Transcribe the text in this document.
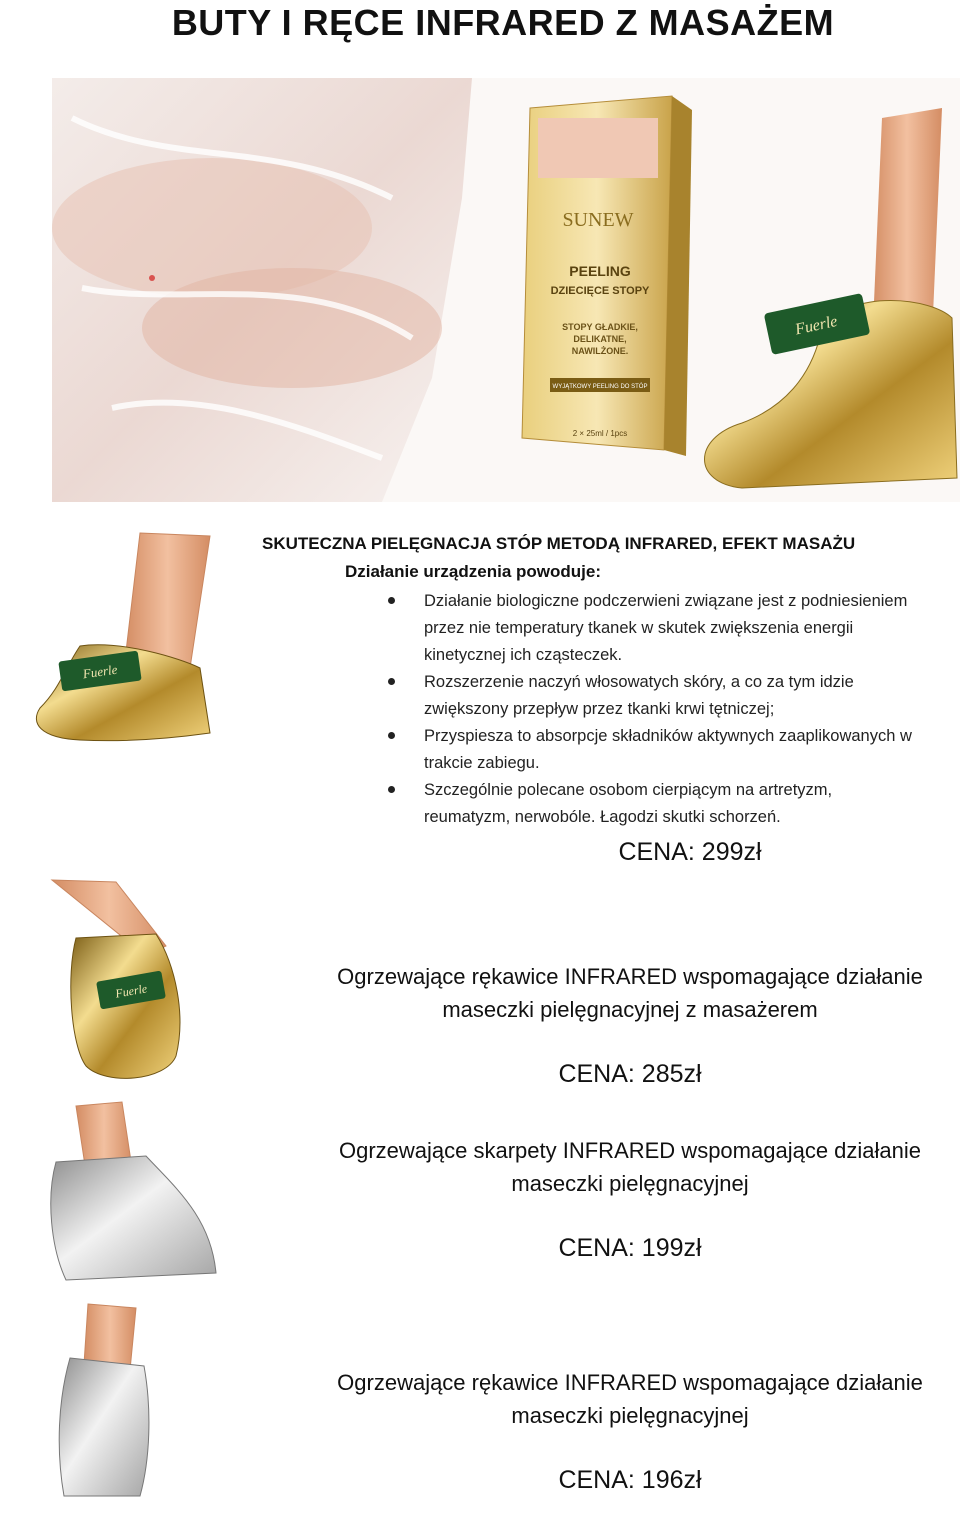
BUTY I RĘCE INFRARED Z MASAŻEM
SUNEW
PEELING
DZIECIĘCE STOPY
STOPY GŁADKIE,
DELIKATNE,
NAWILŻONE.
WYJĄTKOWY PEELING DO STÓP
2 × 25ml / 1pcs
Fuerle
Fuerle
SKUTECZNA PIELĘGNACJA STÓP METODĄ INFRARED, EFEKT MASAŻU
Działanie urządzenia powoduje:
Działanie biologiczne podczerwieni związane jest z podniesieniem przez nie temperatury tkanek w skutek zwiększenia energii kinetycznej ich cząsteczek.
Rozszerzenie naczyń włosowatych skóry, a co za tym idzie zwiększony przepływ przez tkanki krwi tętniczej;
Przyspiesza to absorpcje składników aktywnych zaaplikowanych w trakcie zabiegu.
Szczególnie polecane osobom cierpiącym na artretyzm, reumatyzm, nerwobóle. Łagodzi skutki schorzeń.
CENA: 299zł
Fuerle
Ogrzewające rękawice INFRARED wspomagające działanie
maseczki pielęgnacyjnej z masażerem
CENA: 285zł
Ogrzewające skarpety INFRARED wspomagające działanie
maseczki pielęgnacyjnej
CENA: 199zł
Ogrzewające rękawice INFRARED wspomagające działanie
maseczki pielęgnacyjnej
CENA: 196zł
